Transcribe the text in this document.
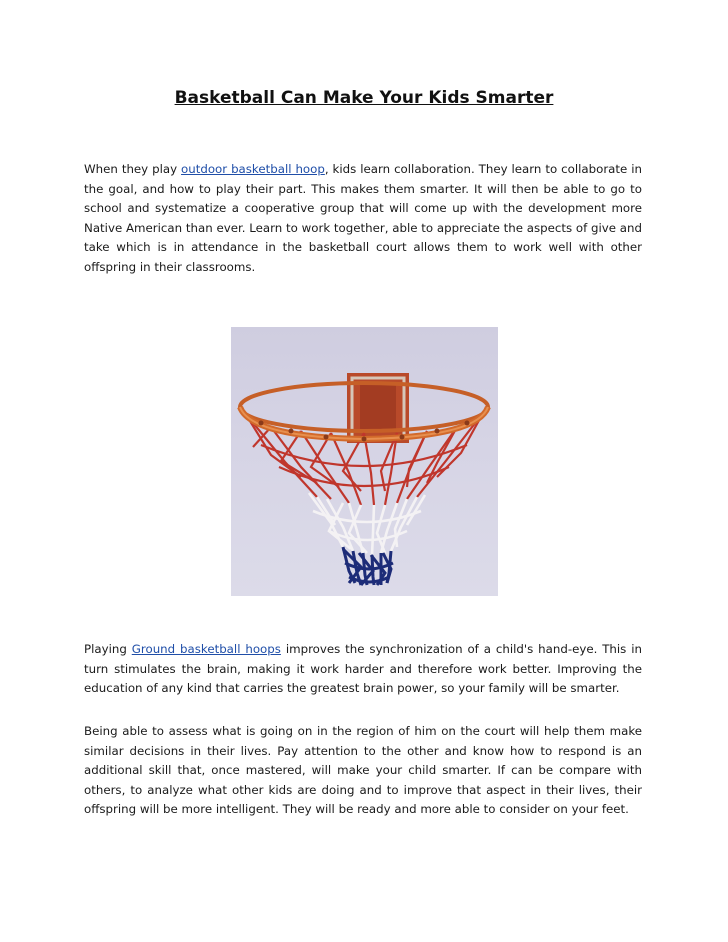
Basketball Can Make Your Kids Smarter

When they play outdoor basketball hoop, kids learn collaboration. They learn to collaborate in the goal, and how to play their part. This makes them smarter. It will then be able to go to school and systematize a cooperative group that will come up with the development more Native American than ever. Learn to work together, able to appreciate the aspects of give and take which is in attendance in the basketball court allows them to work well with other offspring in their classrooms.

Playing Ground basketball hoops improves the synchronization of a child's hand-eye. This in turn stimulates the brain, making it work harder and therefore work better. Improving the education of any kind that carries the greatest brain power, so your family will be smarter.

Being able to assess what is going on in the region of him on the court will help them make similar decisions in their lives. Pay attention to the other and know how to respond is an additional skill that, once mastered, will make your child smarter. If can be compare with others, to analyze what other kids are doing and to improve that aspect in their lives, their offspring will be more intelligent. They will be ready and more able to consider on your feet.
